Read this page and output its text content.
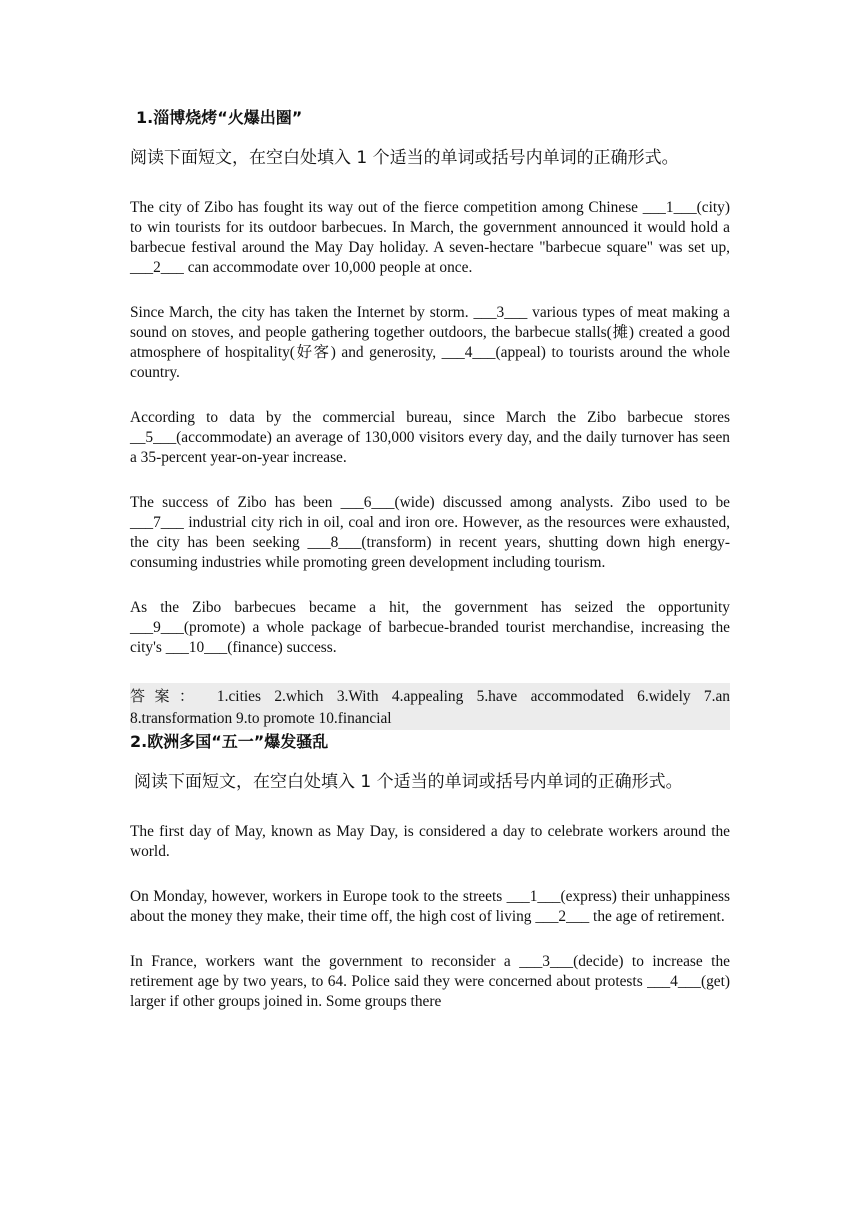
1.淄博烧烤“火爆出圈”
阅读下面短文，在空白处填入 1 个适当的单词或括号内单词的正确形式。

The city of Zibo has fought its way out of the fierce competition among Chinese ___1___(city) to win tourists for its outdoor barbecues. In March, the government announced it would hold a barbecue festival around the May Day holiday. A seven-hectare "barbecue square" was set up, ___2___ can accommodate over 10,000 people at once.

Since March, the city has taken the Internet by storm. ___3___ various types of meat making a sound on stoves, and people gathering together outdoors, the barbecue stalls(摊) created a good atmosphere of hospitality(好客) and generosity, ___4___(appeal) to tourists around the whole country.

According to data by the commercial bureau, since March the Zibo barbecue stores __5___(accommodate) an average of 130,000 visitors every day, and the daily turnover has seen a 35-percent year-on-year increase.

The success of Zibo has been ___6___(wide) discussed among analysts. Zibo used to be ___7___ industrial city rich in oil, coal and iron ore. However, as the resources were exhausted, the city has been seeking ___8___(transform) in recent years, shutting down high energy-consuming industries while promoting green development including tourism.

As the Zibo barbecues became a hit, the government has seized the opportunity ___9___(promote) a whole package of barbecue-branded tourist merchandise, increasing the city's ___10___(finance) success.

答案： 1.cities 2.which 3.With 4.appealing 5.have accommodated 6.widely 7.an 8.transformation 9.to promote 10.financial
2.欧洲多国“五一”爆发骚乱
阅读下面短文，在空白处填入 1 个适当的单词或括号内单词的正确形式。

The first day of May, known as May Day, is considered a day to celebrate workers around the world.

On Monday, however, workers in Europe took to the streets ___1___(express) their unhappiness about the money they make, their time off, the high cost of living ___2___ the age of retirement.

In France, workers want the government to reconsider a ___3___(decide) to increase the retirement age by two years, to 64. Police said they were concerned about protests ___4___(get) larger if other groups joined in. Some groups there
